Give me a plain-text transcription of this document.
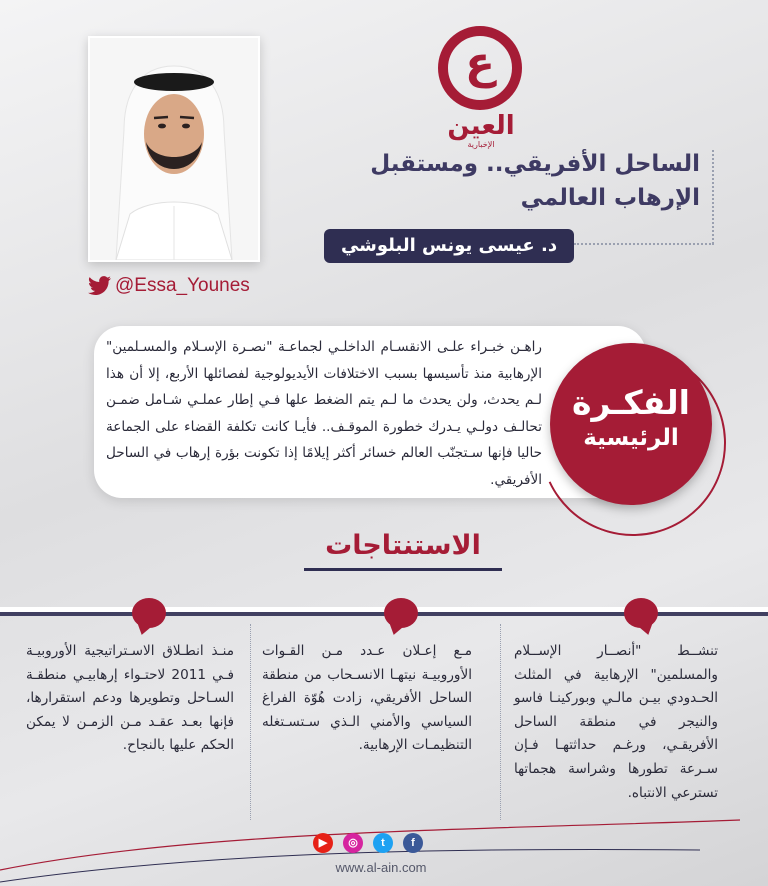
ع
العين
الإخبارية
@Essa_Younes
الساحل الأفريقي.. ومستقبل
الإرهاب العالمي
د. عيسى يونس البلوشي
راهـن خبـراء علـى الانقسـام الداخلـي لجماعـة "نصـرة الإسـلام والمسـلمين" الإرهابية منذ تأسيسها بسبب الاختلافات الأيديولوجية لفصائلها الأربع، إلا أن هذا لـم يحدث، ولن يحدث ما لـم يتم الضغط علها فـي إطار عملـي شـامل ضمـن تحالـف دولـي يـدرك خطورة الموقـف.. فأيـا كانت تكلفة القضاء على الجماعة حاليا فإنها سـتجنّب العالم خسائر أكثر إيلامًا إذا تكونت بؤرة إرهاب في الساحل الأفريقي.
الفكـرة
الرئيسية
الاستنتاجات
تنشــط "أنصــار الإســلام والمسلمين" الإرهابية في المثلث الحـدودي بيـن مالـي وبوركينـا فاسو والنيجر في منطقة الساحل الأفريقـي، ورغـم حداثتهـا فـإن سـرعة تطورها وشراسة هجماتها تسترعي الانتباه.
مـع إعـلان عـدد مـن القـوات الأوروبيـة نيتهـا الانسـحاب من منطقة الساحل الأفريقي، زادت هُوّة الفراغ السياسي والأمني الـذي سـتسـتغله التنظيمـات الإرهابية.
منـذ انطـلاق الاسـتراتيجية الأوروبيـة فـي 2011 لاحتـواء إرهابيـي منطقـة السـاحل وتطويرها ودعم استقرارها، فإنها بعـد عقـد مـن الزمـن لا يمكن الحكم عليها بالنجاح.
▶	◎	t	f
www.al-ain.com
